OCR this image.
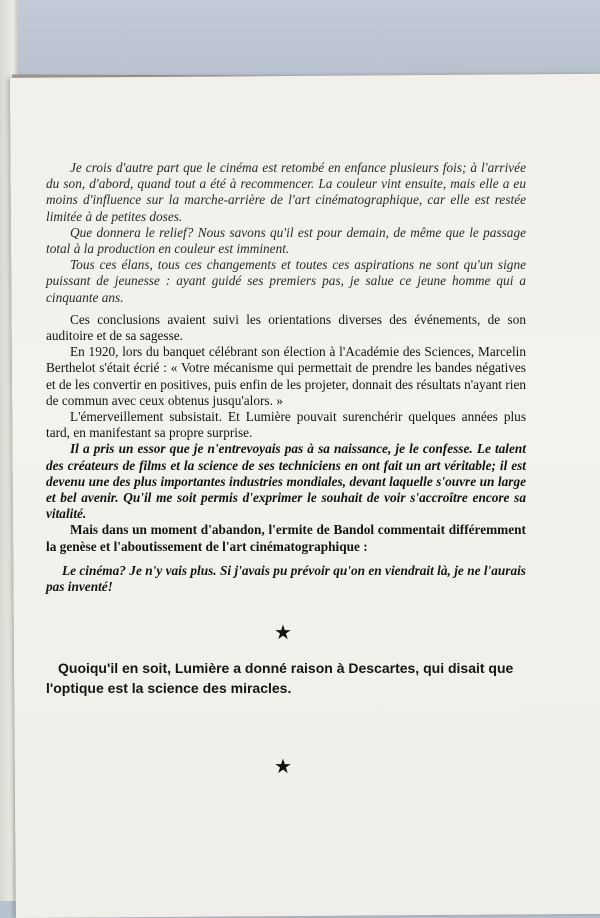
Je crois d'autre part que le cinéma est retombé en enfance plusieurs fois; à l'arrivée du son, d'abord, quand tout a été à recommencer. La couleur vint ensuite, mais elle a eu moins d'influence sur la marche-arrière de l'art cinématographique, car elle est restée limitée à de petites doses.

Que donnera le relief? Nous savons qu'il est pour demain, de même que le passage total à la production en couleur est imminent.

Tous ces élans, tous ces changements et toutes ces aspirations ne sont qu'un signe puissant de jeunesse : ayant guidé ses premiers pas, je salue ce jeune homme qui a cinquante ans.

Ces conclusions avaient suivi les orientations diverses des événements, de son auditoire et de sa sagesse.

En 1920, lors du banquet célébrant son élection à l'Académie des Sciences, Marcelin Berthelot s'était écrié : « Votre mécanisme qui permettait de prendre les bandes négatives et de les convertir en positives, puis enfin de les projeter, donnait des résultats n'ayant rien de commun avec ceux obtenus jusqu'alors. »

L'émerveillement subsistait. Et Lumière pouvait surenchérir quelques années plus tard, en manifestant sa propre surprise.

Il a pris un essor que je n'entrevoyais pas à sa naissance, je le confesse. Le talent des créateurs de films et la science de ses techniciens en ont fait un art véritable; il est devenu une des plus importantes industries mondiales, devant laquelle s'ouvre un large et bel avenir. Qu'il me soit permis d'exprimer le souhait de voir s'accroître encore sa vitalité.

Mais dans un moment d'abandon, l'ermite de Bandol commentait différemment la genèse et l'aboutissement de l'art cinématographique :

Le cinéma? Je n'y vais plus. Si j'avais pu prévoir qu'on en viendrait là, je ne l'aurais pas inventé!

★

Quoiqu'il en soit, Lumière a donné raison à Descartes, qui disait que l'optique est la science des miracles.

★
